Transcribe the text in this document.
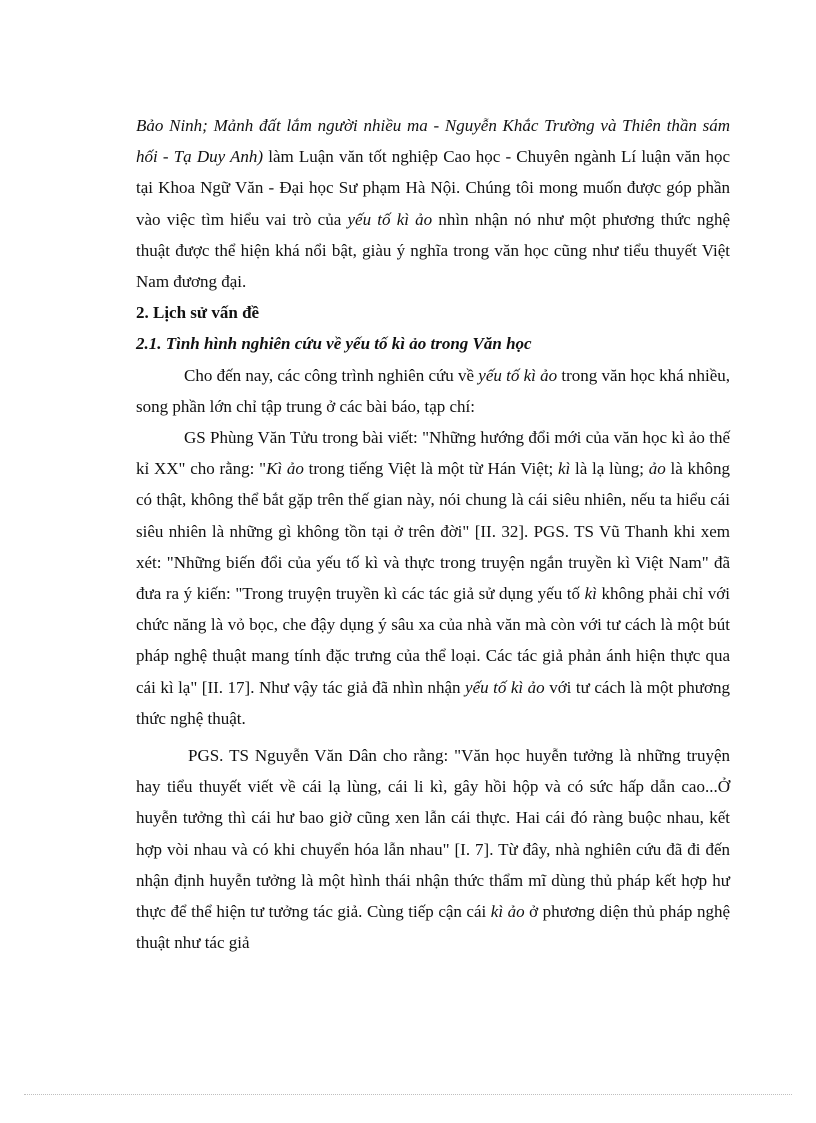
Bảo Ninh; Mảnh đất lắm người nhiều ma - Nguyễn Khắc Trường và Thiên thần sám hối - Tạ Duy Anh) làm Luận văn tốt nghiệp Cao học - Chuyên ngành Lí luận văn học tại Khoa Ngữ Văn - Đại học Sư phạm Hà Nội. Chúng tôi mong muốn được góp phần vào việc tìm hiểu vai trò của yếu tố kì ảo nhìn nhận nó như một phương thức nghệ thuật được thể hiện khá nổi bật, giàu ý nghĩa trong văn học cũng như tiểu thuyết Việt Nam đương đại.

2. Lịch sử vấn đề

2.1. Tình hình nghiên cứu về yếu tố kì ảo trong Văn học

Cho đến nay, các công trình nghiên cứu về yếu tố kì ảo trong văn học khá nhiều, song phần lớn chỉ tập trung ở các bài báo, tạp chí:

GS Phùng Văn Tửu trong bài viết: "Những hướng đổi mới của văn học kì ảo thế kỉ XX" cho rằng: "Kì ảo trong tiếng Việt là một từ Hán Việt; kì là lạ lùng; ảo là không có thật, không thể bắt gặp trên thế gian này, nói chung là cái siêu nhiên, nếu ta hiểu cái siêu nhiên là những gì không tồn tại ở trên đời" [II. 32]. PGS. TS Vũ Thanh khi xem xét: "Những biến đổi của yếu tố kì và thực trong truyện ngắn truyền kì Việt Nam" đã đưa ra ý kiến: "Trong truyện truyền kì các tác giả sử dụng yếu tố kì không phải chỉ với chức năng là vỏ bọc, che đậy dụng ý sâu xa của nhà văn mà còn với tư cách là một bút pháp nghệ thuật mang tính đặc trưng của thể loại. Các tác giả phản ánh hiện thực qua cái kì lạ" [II. 17]. Như vậy tác giả đã nhìn nhận yếu tố kì ảo với tư cách là một phương thức nghệ thuật.

PGS. TS Nguyễn Văn Dân cho rằng: "Văn học huyễn tưởng là những truyện hay tiểu thuyết viết về cái lạ lùng, cái li kì, gây hồi hộp và có sức hấp dẫn cao...Ở huyễn tưởng thì cái hư bao giờ cũng xen lẫn cái thực. Hai cái đó ràng buộc nhau, kết hợp vòi nhau và có khi chuyển hóa lẫn nhau" [I. 7]. Từ đây, nhà nghiên cứu đã đi đến nhận định huyễn tưởng là một hình thái nhận thức thẩm mĩ dùng thủ pháp kết hợp hư thực để thể hiện tư tưởng tác giả. Cùng tiếp cận cái kì ảo ở phương diện thủ pháp nghệ thuật như tác giả
